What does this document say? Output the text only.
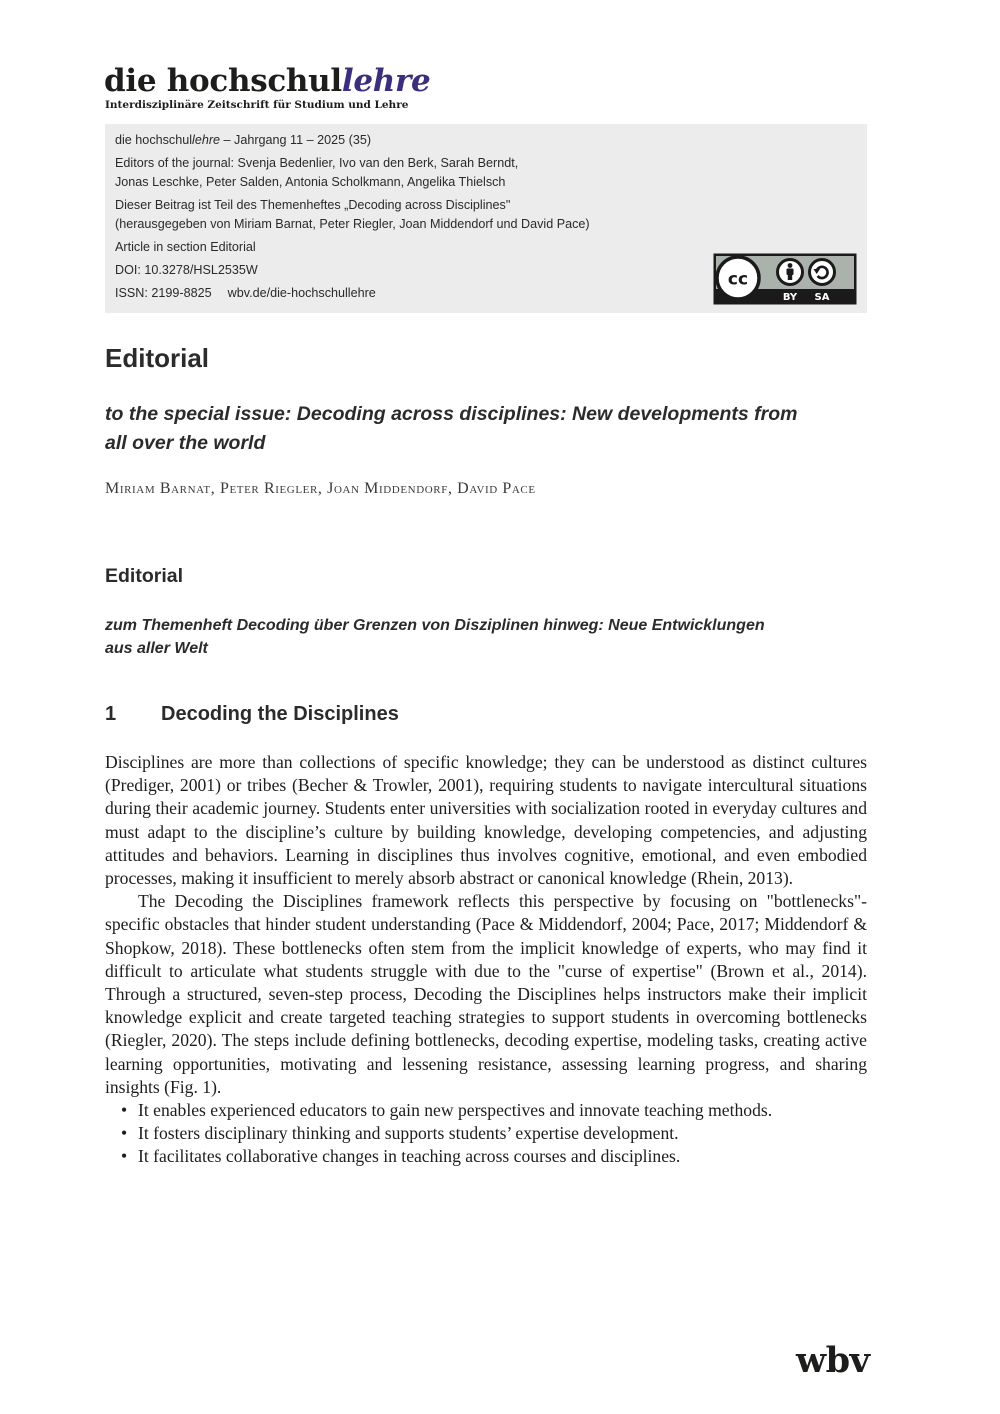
die hochschullehre
Interdisziplinäre Zeitschrift für Studium und Lehre
die hochschullehre – Jahrgang 11 – 2025 (35)
Editors of the journal: Svenja Bedenlier, Ivo van den Berk, Sarah Berndt,
Jonas Leschke, Peter Salden, Antonia Scholkmann, Angelika Thielsch
Dieser Beitrag ist Teil des Themenheftes „Decoding across Disciplines"
(herausgegeben von Miriam Barnat, Peter Riegler, Joan Middendorf und David Pace)
Article in section Editorial
DOI: 10.3278/HSL2535W
ISSN: 2199-8825 wbv.de/die-hochschullehre
cc
BY SA
Editorial
to the special issue: Decoding across disciplines: New developments from all over the world
Miriam Barnat, Peter Riegler, Joan Middendorf, David Pace
Editorial
zum Themenheft Decoding über Grenzen von Disziplinen hinweg: Neue Entwicklungen aus aller Welt
1 Decoding the Disciplines

Disciplines are more than collections of specific knowledge; they can be understood as distinct cultures (Prediger, 2001) or tribes (Becher & Trowler, 2001), requiring students to navigate intercultural situations during their academic journey. Students enter universities with socialization rooted in everyday cultures and must adapt to the discipline’s culture by building knowledge, developing competencies, and adjusting attitudes and behaviors. Learning in disciplines thus involves cognitive, emotional, and even embodied processes, making it insufficient to merely absorb abstract or canonical knowledge (Rhein, 2013).

The Decoding the Disciplines framework reflects this perspective by focusing on "bottlenecks"-specific obstacles that hinder student understanding (Pace & Middendorf, 2004; Pace, 2017; Middendorf & Shopkow, 2018). These bottlenecks often stem from the implicit knowledge of experts, who may find it difficult to articulate what students struggle with due to the "curse of expertise" (Brown et al., 2014). Through a structured, seven-step process, Decoding the Disciplines helps instructors make their implicit knowledge explicit and create targeted teaching strategies to support students in overcoming bottlenecks (Riegler, 2020). The steps include defining bottlenecks, decoding expertise, modeling tasks, creating active learning opportunities, motivating and lessening resistance, assessing learning progress, and sharing insights (Fig. 1).

• It enables experienced educators to gain new perspectives and innovate teaching methods.
• It fosters disciplinary thinking and supports students’ expertise development.
• It facilitates collaborative changes in teaching across courses and disciplines.
wbv
